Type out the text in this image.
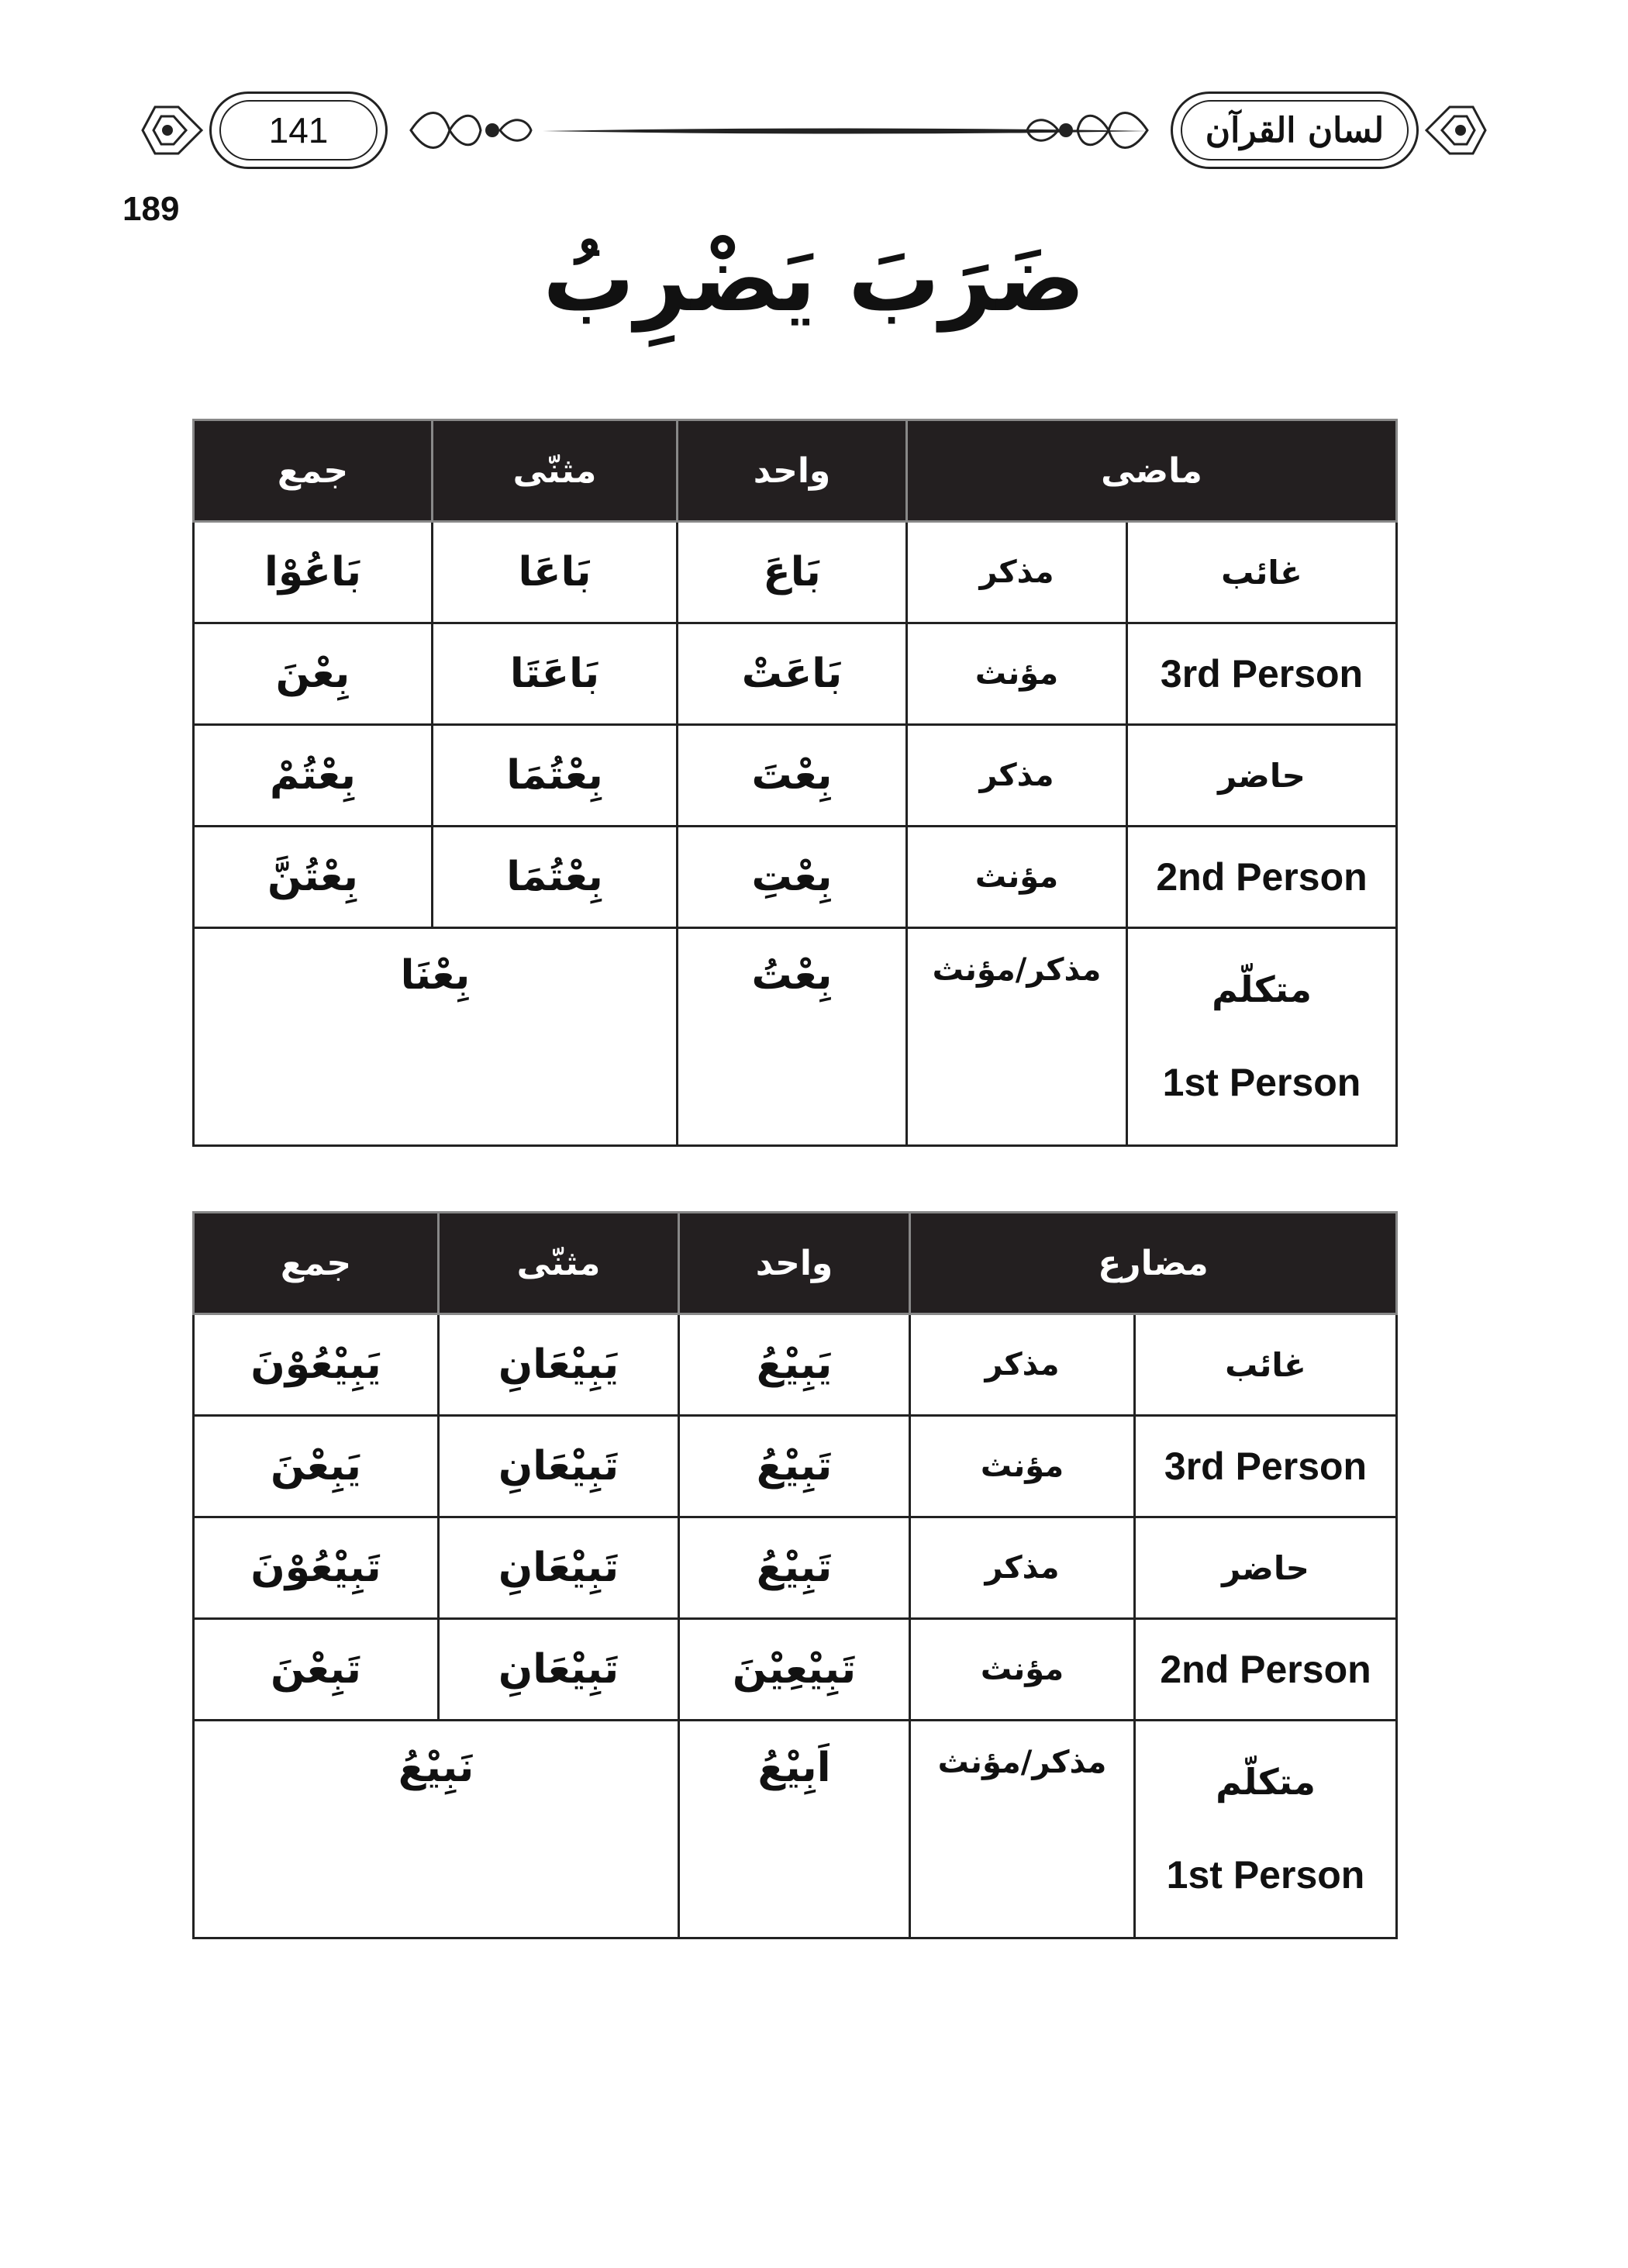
141	لسان القرآن
189
ضَرَبَ يَضْرِبُ
جمع	مثنّی	واحد	ماضی	
بَاعُوْا	بَاعَا	بَاعَ	مذکر	غائب
بِعْنَ	بَاعَتَا	بَاعَتْ	مؤنث	3rd Person
بِعْتُمْ	بِعْتُمَا	بِعْتَ	مذکر	حاضر
بِعْتُنَّ	بِعْتُمَا	بِعْتِ	مؤنث	2nd Person
بِعْنَا		بِعْتُ	مذکر/مؤنث	متکلّم
1st Person
جمع	مثنّی	واحد	مضارع	
يَبِيْعُوْنَ	يَبِيْعَانِ	يَبِيْعُ	مذکر	غائب
يَبِعْنَ	تَبِيْعَانِ	تَبِيْعُ	مؤنث	3rd Person
تَبِيْعُوْنَ	تَبِيْعَانِ	تَبِيْعُ	مذکر	حاضر
تَبِعْنَ	تَبِيْعَانِ	تَبِيْعِيْنَ	مؤنث	2nd Person
نَبِيْعُ		اَبِيْعُ	مذکر/مؤنث	متکلّم
1st Person
